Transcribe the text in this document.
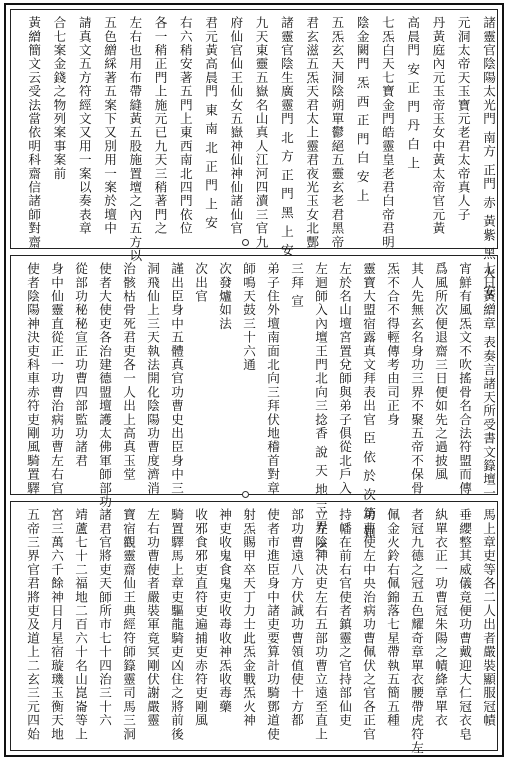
諸靈官陰陽太光門 南方 正門 赤 黃紫 黑 火 安
元洞太帝天玉寶元老君太帝真人子
丹黃庭內元玉帝玉女中黃太帝官元黃
高晨門 安 正 門 丹 白 上
七炁白天七寶金門皓靈皇老君白帝君明
陰金闕門 炁 西 正 門 白 安 上
五炁玄天洞陰朔單鬱絕五靈玄老君黑帝
君玄滋五炁天君太上靈君夜光玉女北酆
諸靈官陰生廣靈門 北 方 正 門 黑 上 安
九天東靈五嶽名山真人江河四瀆三官九
府仙官仙王仙女五嶽神仙神仙諸仙官
君元黃高晨門 東 南 北 正 門 上 安
右六稍安著五門上東西南北四門依位
各一稍正門上施元已九天三稍著門之
左右也用布帶縫黃五股施置壇之內五方以
五色繒綵著五案下又別用一案於壇中
請真文五方符經文又用一案以奏表章
合七案金錢之物列案事案前
黃繒簡文云受法當依明科齋信諸師對齋
七日黃繒章 表奏言諸天所受書文籙壇一
宵鮮有風炁文不吹搖骨名合法符盟而傳
爲風所次便退齋三日便如先之過披風
其人先無玄名身功三界不聚五帝不保骨
炁不合不得輕傳考由司正身
靈寶大盟宿露真文拜表出官 臣 依 於 次 第 如
左於名山壇宮置兌師與弟子俱從北戶入
左迴師入內壇王門北向三捻香 說 天 地 三 界 之
三拜 宣
弟子住外壇南面北向三拜伏地稽首對章
師鳴天鼓三十六通
次發爐如法
次出官
謹出臣身中五體真官功曹史出臣身中三
洞飛仙上三天執法開化陰陽功曹度濟消
治骸枯骨死君吏各一人出上高真玉堂
使者大使吏各治建德盟壇護太佛軍師部功
從部功秘秘宣正功曹四部監功諸君
身中仙靈直從正一功曹治病功曹左右官
使者陰陽神決吏科車赤符吏剛風騎置驛
馬上章吏等各二人出者嚴裝顯服冠幘
垂纓整其威儀竟便功曹戴迎大仁冠衣皂
紈單衣正一功曹冠朱陽之幘絳章單衣
者冠九德之冠五色耀奇章單衣腰帶虎符左
佩金火鈴右佩錦落七星帶執五簡五種
功曹使左中央治病功曹佩伏之官各正官
持幡在前右官使者鎮靈之官持部仙吏
立左陰神决吏左右五部功曹立遠至直上
部功曹遠八方伏誠功曹領值使十方都
使者市進臣身中諸吏要算計功騎鄧道使
射炁賜甲卒天丁力士此炁金戰炁火神
神吏收鬼食鬼吏收毒收神炁收毒藥
收邪食邪吏直符吏遍捕吏赤符吏剛風
騎置驛馬上章吏驅龍騎吏凶住之將前後
左右功曹使者嚴裝軍竟冥剛伏謝嚴靈
寶宿觀靈齋仙王典經符師籙靈司馬三洞
諸君官將吏天師所市七十四治三十六
靖蘆七十二福地二百六十名山崑崙等上
宮三萬六千餘神日月星宿璇璣玉衡天地
五帝三界官君將吏及道上二玄三元四始
